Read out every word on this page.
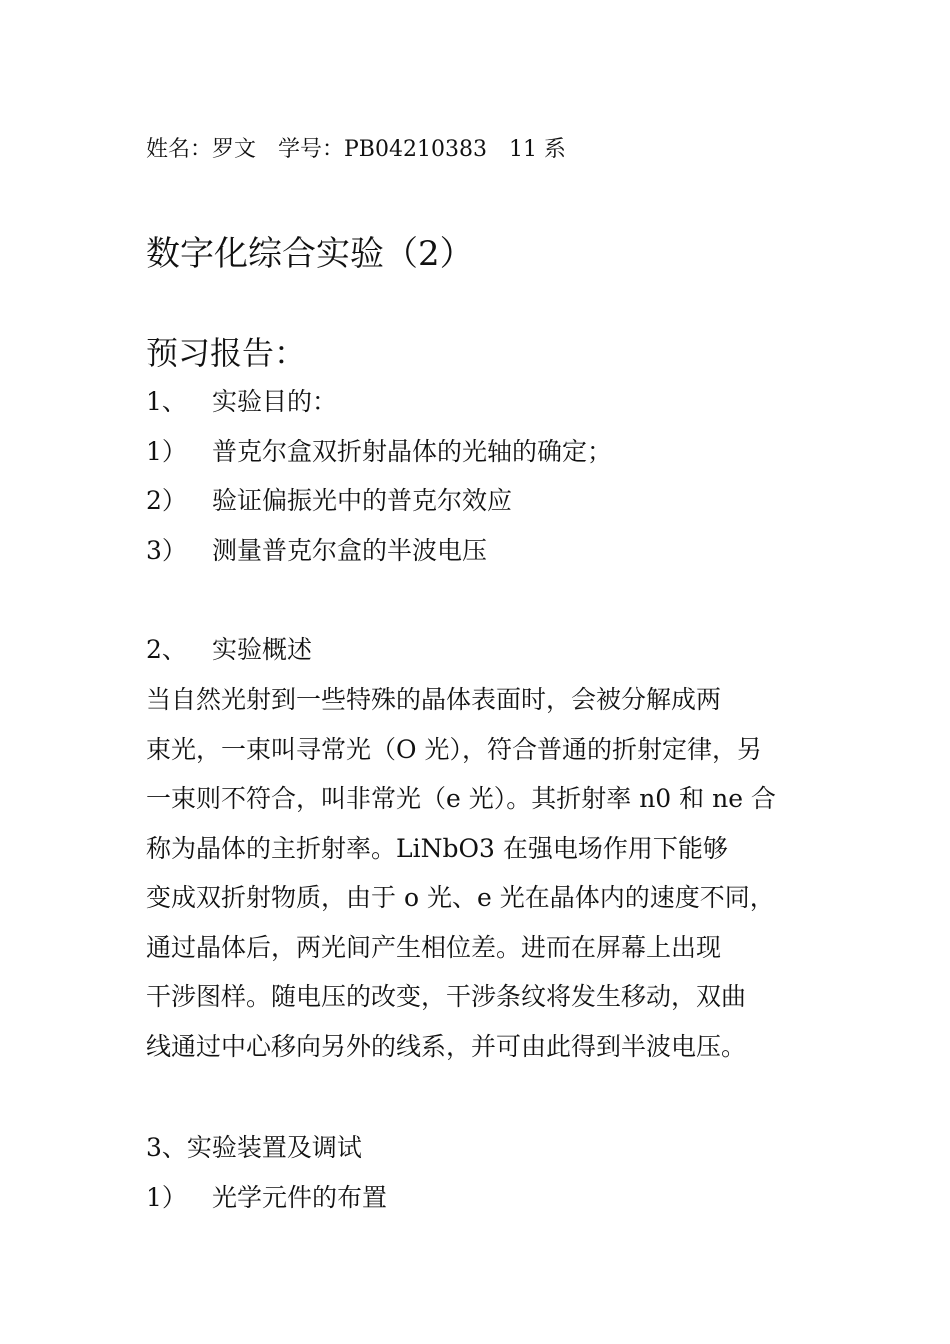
姓名：罗文　学号：PB04210383　11 系
数字化综合实验（2）
预习报告：
1、 实验目的：
1） 普克尔盒双折射晶体的光轴的确定；
2） 验证偏振光中的普克尔效应
3） 测量普克尔盒的半波电压
2、 实验概述
当自然光射到一些特殊的晶体表面时，会被分解成两
束光，一束叫寻常光（O 光），符合普通的折射定律，另
一束则不符合，叫非常光（e 光）。其折射率 n0 和 ne 合
称为晶体的主折射率。LiNbO3 在强电场作用下能够
变成双折射物质，由于 o 光、e 光在晶体内的速度不同，
通过晶体后，两光间产生相位差。进而在屏幕上出现
干涉图样。随电压的改变，干涉条纹将发生移动，双曲
线通过中心移向另外的线系，并可由此得到半波电压。
3、实验装置及调试
1） 光学元件的布置
